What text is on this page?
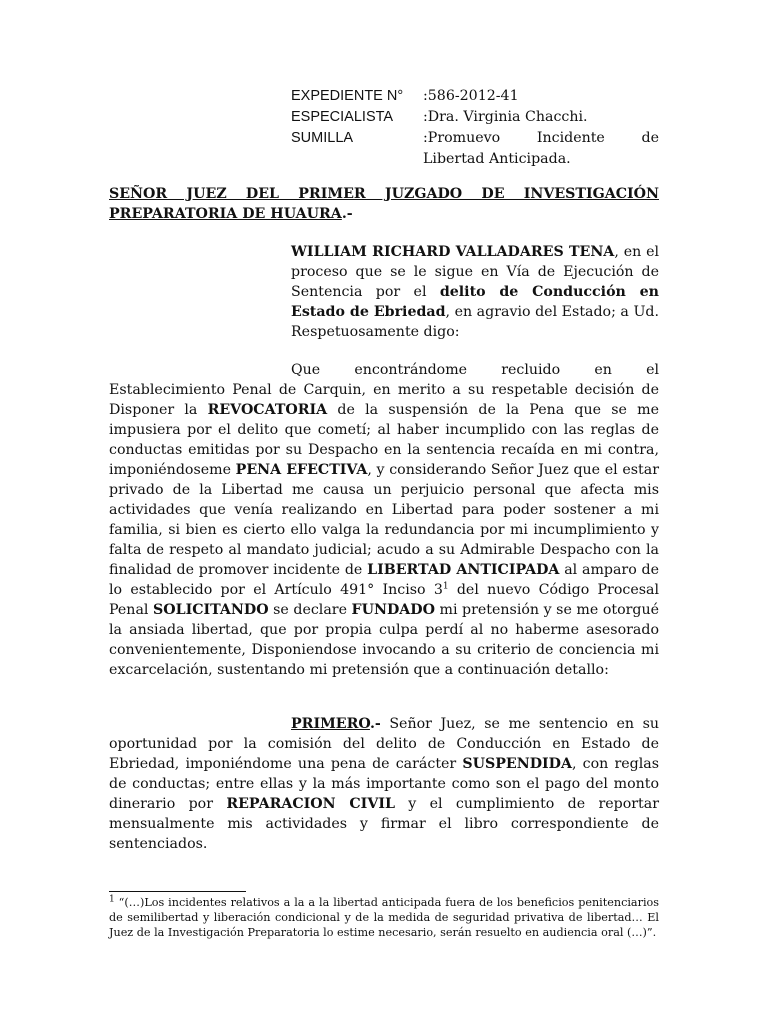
EXPEDIENTE N°	:586-2012-41
ESPECIALISTA	:Dra. Virginia Chacchi.
SUMILLA	:Promuevo Incidente de Libertad Anticipada.
SEÑOR JUEZ DEL PRIMER JUZGADO DE INVESTIGACIÓN PREPARATORIA DE HUAURA.-
WILLIAM RICHARD VALLADARES TENA, en el proceso que se le sigue en Vía de Ejecución de Sentencia por el delito de Conducción en Estado de Ebriedad, en agravio del Estado; a Ud. Respetuosamente digo:
Que encontrándome recluido en el Establecimiento Penal de Carquin, en merito a su respetable decisión de Disponer la REVOCATORIA de la suspensión de la Pena que se me impusiera por el delito que cometí; al haber incumplido con las reglas de conductas emitidas por su Despacho en la sentencia recaída en mi contra, imponiéndoseme PENA EFECTIVA, y considerando Señor Juez que el estar privado de la Libertad me causa un perjuicio personal que afecta mis actividades que venía realizando en Libertad para poder sostener a mi familia, si bien es cierto ello valga la redundancia por mi incumplimiento y falta de respeto al mandato judicial; acudo a su Admirable Despacho con la finalidad de promover incidente de LIBERTAD ANTICIPADA al amparo de lo establecido por el Artículo 491° Inciso $3^1$ del nuevo Código Procesal Penal SOLICITANDO se declare FUNDADO mi pretensión y se me otorgué la ansiada libertad, que por propia culpa perdí al no haberme asesorado convenientemente, Disponiendose invocando a su criterio de conciencia mi excarcelación, sustentando mi pretensión que a continuación detallo:
PRIMERO.- Señor Juez, se me sentencio en su oportunidad por la comisión del delito de Conducción en Estado de Ebriedad, imponiéndome una pena de carácter SUSPENDIDA, con reglas de conductas; entre ellas y la más importante como son el pago del monto dinerario por REPARACION CIVIL y el cumplimiento de reportar mensualmente mis actividades y firmar el libro correspondiente de sentenciados.
$^1$ “(…)Los incidentes relativos a la a la libertad anticipada fuera de los beneficios penitenciarios de semilibertad y liberación condicional y de la medida de seguridad privativa de libertad… El Juez de la Investigación Preparatoria lo estime necesario, serán resuelto en audiencia oral (…)”.
